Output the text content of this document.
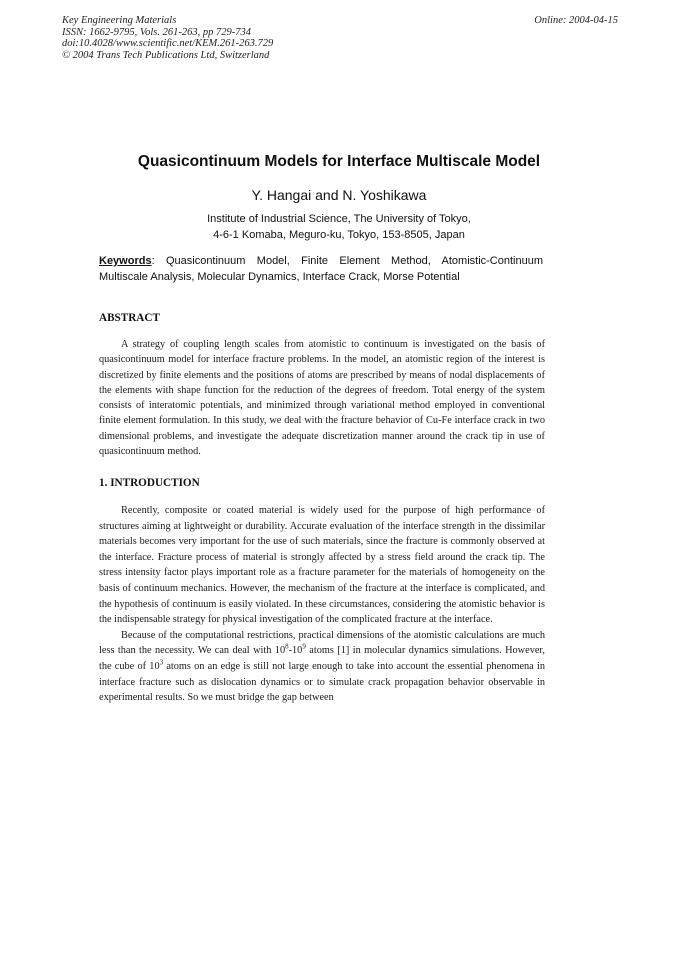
Key Engineering Materials
ISSN: 1662-9795, Vols. 261-263, pp 729-734
doi:10.4028/www.scientific.net/KEM.261-263.729
© 2004 Trans Tech Publications Ltd, Switzerland
Online: 2004-04-15
Quasicontinuum Models for Interface Multiscale Model
Y. Hangai and N. Yoshikawa
Institute of Industrial Science, The University of Tokyo,
4-6-1 Komaba, Meguro-ku, Tokyo, 153-8505, Japan
Keywords: Quasicontinuum Model, Finite Element Method, Atomistic-Continuum Multiscale Analysis, Molecular Dynamics, Interface Crack, Morse Potential
ABSTRACT

A strategy of coupling length scales from atomistic to continuum is investigated on the basis of quasicontinuum model for interface fracture problems. In the model, an atomistic region of the interest is discretized by finite elements and the positions of atoms are prescribed by means of nodal displacements of the elements with shape function for the reduction of the degrees of freedom. Total energy of the system consists of interatomic potentials, and minimized through variational method employed in conventional finite element formulation. In this study, we deal with the fracture behavior of Cu-Fe interface crack in two dimensional problems, and investigate the adequate discretization manner around the crack tip in use of quasicontinuum method.

1. INTRODUCTION

Recently, composite or coated material is widely used for the purpose of high performance of structures aiming at lightweight or durability. Accurate evaluation of the interface strength in the dissimilar materials becomes very important for the use of such materials, since the fracture is commonly observed at the interface. Fracture process of material is strongly affected by a stress field around the crack tip. The stress intensity factor plays important role as a fracture parameter for the materials of homogeneity on the basis of continuum mechanics. However, the mechanism of the fracture at the interface is complicated, and the hypothesis of continuum is easily violated. In these circumstances, considering the atomistic behavior is the indispensable strategy for physical investigation of the complicated fracture at the interface.

Because of the computational restrictions, practical dimensions of the atomistic calculations are much less than the necessity. We can deal with $10^8-10^9$ atoms [1] in molecular dynamics simulations. However, the cube of $10^3$ atoms on an edge is still not large enough to take into account the essential phenomena in interface fracture such as dislocation dynamics or to simulate crack propagation behavior observable in experimental results. So we must bridge the gap between
